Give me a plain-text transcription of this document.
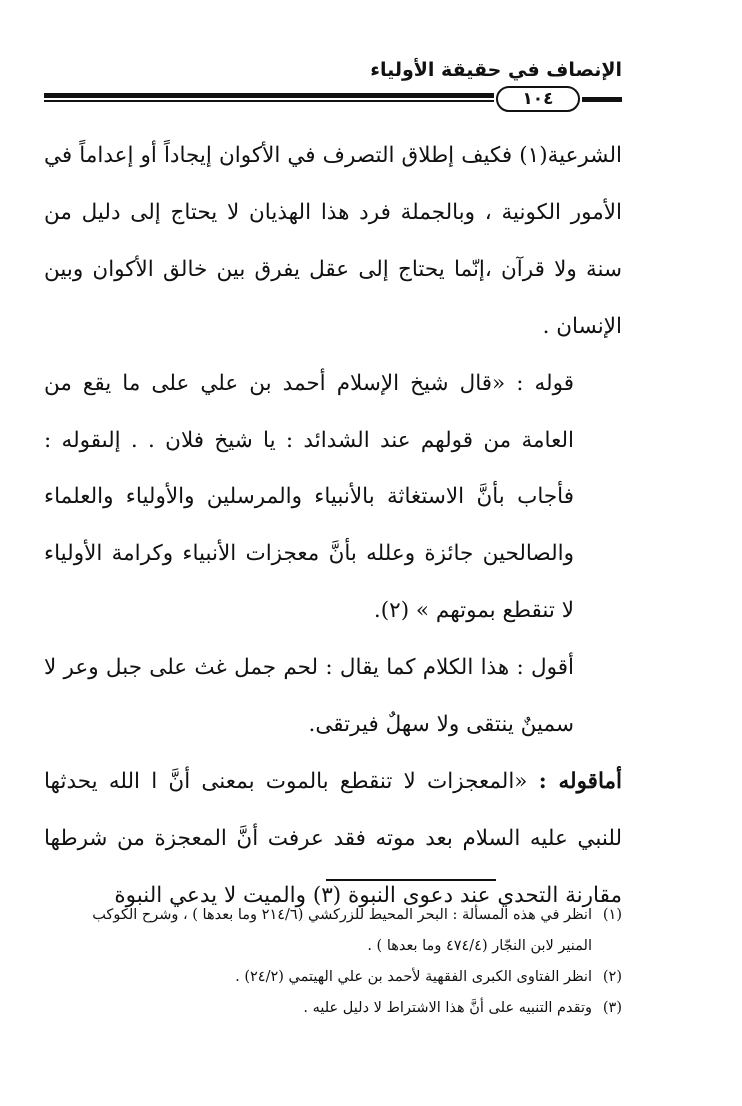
الإنصاف في حقيقة الأولياء
١٠٤

الشرعية(١) فكيف إطلاق التصرف في الأكوان إيجاداً أو إعداماً في الأمور الكونية ، وبالجملة فرد هذا الهذيان لا يحتاج إلى دليل من سنة ولا قرآن ،إنّما يحتاج إلى عقل يفرق بين خالق الأكوان وبين الإنسان .

قوله : «قال شيخ الإسلام أحمد بن علي على ما يقع من العامة من قولهم عند الشدائد : يا شيخ فلان . . إلىقوله : فأجاب بأنَّ الاستغاثة بالأنبياء والمرسلين والأولياء والعلماء والصالحين جائزة وعلله بأنَّ معجزات الأنبياء وكرامة الأولياء لا تنقطع بموتهم » (٢).

أقول : هذا الكلام كما يقال : لحم جمل غث على جبل وعر لا سمينٌ ينتقى ولا سهلٌ فيرتقى.

أماقوله : «المعجزات لا تنقطع بالموت بمعنى أنَّ ا الله يحدثها للنبي عليه السلام بعد موته فقد عرفت أنَّ المعجزة من شرطها مقارنة التحدي عند دعوى النبوة (٣) والميت لا يدعي النبوة

(١)انظر في هذه المسألة : البحر المحيط للزركشي (٢١٤/٦ وما بعدها ) ، وشرح الكوكب

المنير لابن النجّار (٤٧٤/٤ وما بعدها ) .

(٢)انظر الفتاوى الكبرى الفقهية لأحمد بن علي الهيتمي (٢٤/٢) .

(٣)وتقدم التنبيه على أنَّ هذا الاشتراط لا دليل عليه .
